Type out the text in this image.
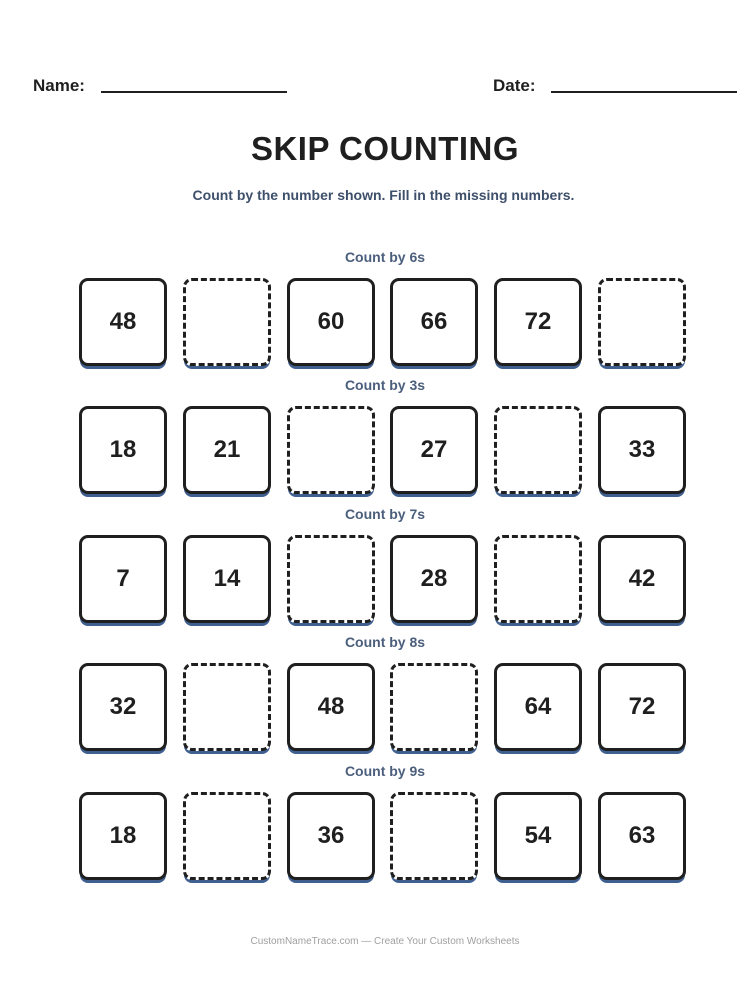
Name:	Date:
SKIP COUNTING
Count by the number shown. Fill in the missing numbers.
Count by 6s
48	60	66	72
Count by 3s
18	21	27	33
Count by 7s
7	14	28	42
Count by 8s
32	48	64	72
Count by 9s
18	36	54	63
CustomNameTrace.com — Create Your Custom Worksheets
